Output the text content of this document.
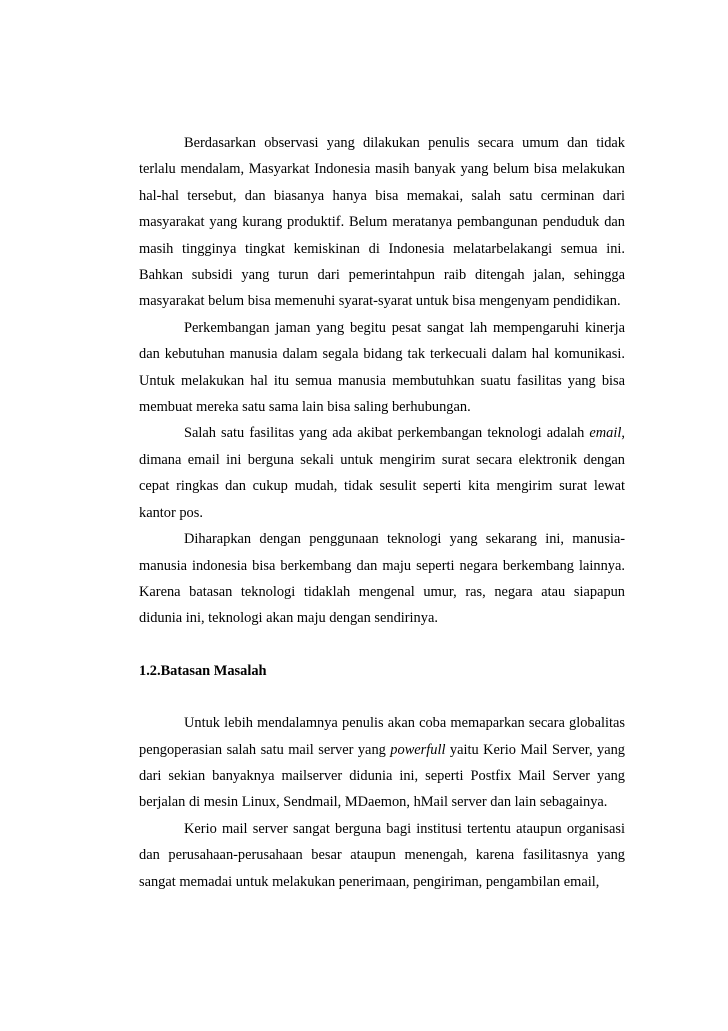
Berdasarkan observasi yang dilakukan penulis secara umum dan tidak terlalu mendalam, Masyarkat Indonesia masih banyak yang belum bisa melakukan hal-hal tersebut, dan biasanya hanya bisa memakai, salah satu cerminan dari masyarakat yang kurang produktif. Belum meratanya pembangunan penduduk dan masih tingginya tingkat kemiskinan di Indonesia melatarbelakangi semua ini. Bahkan subsidi yang turun dari pemerintahpun raib ditengah jalan, sehingga masyarakat belum bisa memenuhi syarat-syarat untuk bisa mengenyam pendidikan.

Perkembangan jaman yang begitu pesat sangat lah mempengaruhi kinerja dan kebutuhan manusia dalam segala bidang tak terkecuali dalam hal komunikasi. Untuk melakukan hal itu semua manusia membutuhkan suatu fasilitas yang bisa membuat mereka satu sama lain bisa saling berhubungan.

Salah satu fasilitas yang ada akibat perkembangan teknologi adalah email, dimana email ini berguna sekali untuk mengirim surat secara elektronik dengan cepat ringkas dan cukup mudah, tidak sesulit seperti kita mengirim surat lewat kantor pos.

Diharapkan dengan penggunaan teknologi yang sekarang ini, manusia-manusia indonesia bisa berkembang dan maju seperti negara berkembang lainnya. Karena batasan teknologi tidaklah mengenal umur, ras, negara atau siapapun didunia ini, teknologi akan maju dengan sendirinya.

1.2.Batasan Masalah

Untuk lebih mendalamnya penulis akan coba memaparkan secara globalitas pengoperasian salah satu mail server yang powerfull yaitu Kerio Mail Server, yang dari sekian banyaknya mailserver didunia ini, seperti Postfix Mail Server yang berjalan di mesin Linux, Sendmail, MDaemon, hMail server dan lain sebagainya.

Kerio mail server sangat berguna bagi institusi tertentu ataupun organisasi dan perusahaan-perusahaan besar ataupun menengah, karena fasilitasnya yang sangat memadai untuk melakukan penerimaan, pengiriman, pengambilan email,
